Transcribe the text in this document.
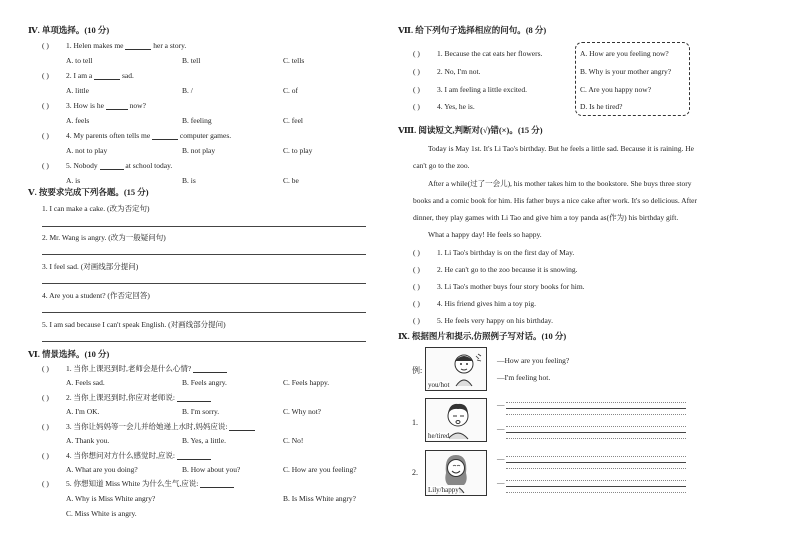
Ⅳ. 单项选择。(10 分)
( ) 1. Helen makes me	her a story.
A. to tell	B. tell	C. tells
( ) 2. I am a	sad.
A. little	B. /	C. of
( ) 3. How is he	now?
A. feels	B. feeling	C. feel
( ) 4. My parents often tells me	computer games.
A. not to play	B. not play	C. to play
( ) 5. Nobody	at school today.
A. is	B. is	C. be
Ⅴ. 按要求完成下列各题。(15 分)
1. I can make a cake. (改为否定句)
2. Mr. Wang is angry. (改为一般疑问句)
3. I feel sad. (对画线部分提问)
4. Are you a student? (作否定回答)
5. I am sad because I can't speak English. (对画线部分提问)
Ⅵ. 情景选择。(10 分)
( ) 1. 当你上课迟到时,老师会是什么心情?
A. Feels sad.	B. Feels angry.	C. Feels happy.
( ) 2. 当你上课迟到时,你应对老师说:
A. I'm OK.	B. I'm sorry.	C. Why not?
( ) 3. 当你让妈妈等一会儿并给她递上水时,妈妈应说:
A. Thank you.	B. Yes, a little.	C. No!
( ) 4. 当你想问对方什么感觉时,应说:
A. What are you doing?	B. How about you?	C. How are you feeling?
( ) 5. 你想知道 Miss White 为什么生气,应说:
A. Why is Miss White angry?	B. Is Miss White angry?
C. Miss White is angry.
Ⅶ. 给下列句子选择相应的问句。(8 分)
( ) 1. Because the cat eats her flowers.
( ) 2. No, I'm not.
( ) 3. I am feeling a little excited.
( ) 4. Yes, he is.
A. How are you feeling now?
B. Why is your mother angry?
C. Are you happy now?
D. Is he tired?
Ⅷ. 阅读短文,判断对(√)错(×)。(15 分)
Today is May 1st. It's Li Tao's birthday. But he feels a little sad. Because it is raining. He
can't go to the zoo.
After a while(过了一会儿), his mother takes him to the bookstore. She buys three story
books and a comic book for him. His father buys a nice cake after work. It's so delicious. After
dinner, they play games with Li Tao and give him a toy panda as(作为) his birthday gift.
What a happy day! He feels so happy.
( ) 1. Li Tao's birthday is on the first day of May.
( ) 2. He can't go to the zoo because it is snowing.
( ) 3. Li Tao's mother buys four story books for him.
( ) 4. His friend gives him a toy pig.
( ) 5. He feels very happy on his birthday.
Ⅸ. 根据图片和提示,仿照例子写对话。(10 分)
例:
you/hot
—How are you feeling?
—I'm feeling hot.
1.
he/tired
—
—
2.
Lily/happy
—
—
